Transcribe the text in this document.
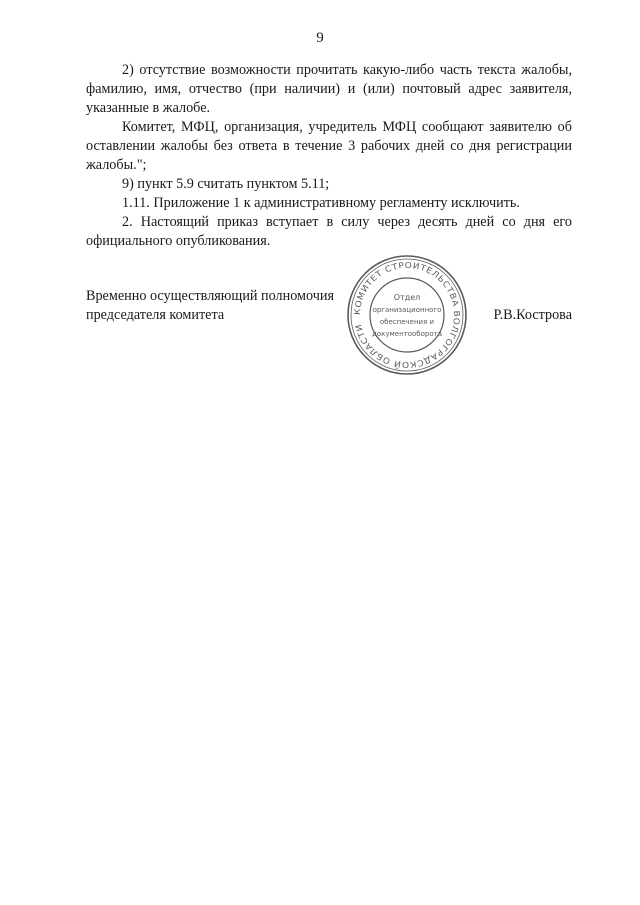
9

2) отсутствие возможности прочитать какую-либо часть текста жалобы, фамилию, имя, отчество (при наличии) и (или) почтовый адрес заявителя, указанные в жалобе.

Комитет, МФЦ, организация, учредитель МФЦ сообщают заявителю об оставлении жалобы без ответа в течение 3 рабочих дней со дня регистрации жалобы.";

9) пункт 5.9 считать пунктом 5.11;

1.11. Приложение 1 к административному регламенту исключить.

2. Настоящий приказ вступает в силу через десять дней со дня его официального опубликования.

Временно осуществляющий полномочия
председателя комитета	Р.В.Кострова
КОМИТЕТ СТРОИТЕЛЬСТВА ВОЛГОГРАДСКОЙ ОБЛАСТИ
Отдел
организационного
обеспечения и
документооборота
